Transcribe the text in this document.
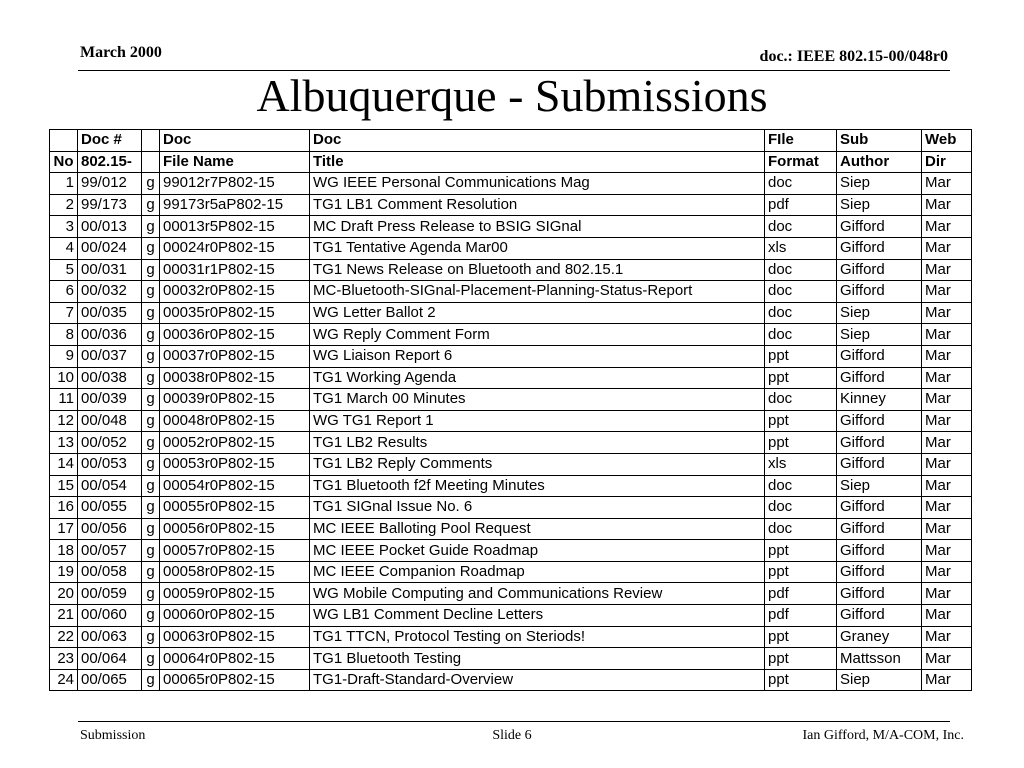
March 2000	doc.: IEEE 802.15-00/048r0
Albuquerque - Submissions
	Doc #		Doc	Doc	FIle	Sub	Web
No	802.15-		File Name	Title	Format	Author	Dir
1	99/012	g	99012r7P802-15	WG IEEE Personal Communications Mag	doc	Siep	Mar
2	99/173	g	99173r5aP802-15	TG1 LB1 Comment Resolution	pdf	Siep	Mar
3	00/013	g	00013r5P802-15	MC Draft Press Release to BSIG SIGnal	doc	Gifford	Mar
4	00/024	g	00024r0P802-15	TG1 Tentative Agenda Mar00	xls	Gifford	Mar
5	00/031	g	00031r1P802-15	TG1 News Release on Bluetooth and 802.15.1	doc	Gifford	Mar
6	00/032	g	00032r0P802-15	MC-Bluetooth-SIGnal-Placement-Planning-Status-Report	doc	Gifford	Mar
7	00/035	g	00035r0P802-15	WG Letter Ballot 2	doc	Siep	Mar
8	00/036	g	00036r0P802-15	WG Reply Comment Form	doc	Siep	Mar
9	00/037	g	00037r0P802-15	WG Liaison Report 6	ppt	Gifford	Mar
10	00/038	g	00038r0P802-15	TG1 Working Agenda	ppt	Gifford	Mar
11	00/039	g	00039r0P802-15	TG1 March 00 Minutes	doc	Kinney	Mar
12	00/048	g	00048r0P802-15	WG TG1 Report 1	ppt	Gifford	Mar
13	00/052	g	00052r0P802-15	TG1 LB2 Results	ppt	Gifford	Mar
14	00/053	g	00053r0P802-15	TG1 LB2 Reply Comments	xls	Gifford	Mar
15	00/054	g	00054r0P802-15	TG1 Bluetooth f2f Meeting Minutes	doc	Siep	Mar
16	00/055	g	00055r0P802-15	TG1 SIGnal Issue No. 6	doc	Gifford	Mar
17	00/056	g	00056r0P802-15	MC IEEE Balloting Pool Request	doc	Gifford	Mar
18	00/057	g	00057r0P802-15	MC IEEE Pocket Guide Roadmap	ppt	Gifford	Mar
19	00/058	g	00058r0P802-15	MC IEEE Companion Roadmap	ppt	Gifford	Mar
20	00/059	g	00059r0P802-15	WG Mobile Computing and Communications Review	pdf	Gifford	Mar
21	00/060	g	00060r0P802-15	WG LB1 Comment Decline Letters	pdf	Gifford	Mar
22	00/063	g	00063r0P802-15	TG1 TTCN, Protocol Testing on Steriods!	ppt	Graney	Mar
23	00/064	g	00064r0P802-15	TG1 Bluetooth Testing	ppt	Mattsson	Mar
24	00/065	g	00065r0P802-15	TG1-Draft-Standard-Overview	ppt	Siep	Mar
Submission	Slide 6	Ian Gifford, M/A-COM, Inc.
